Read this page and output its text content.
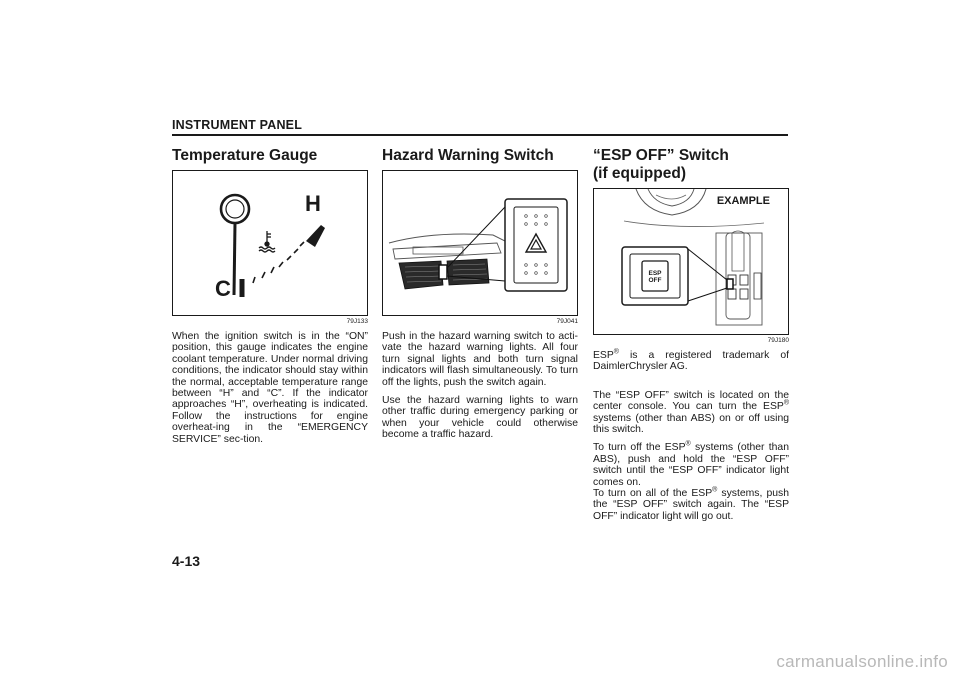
INSTRUMENT PANEL
Temperature Gauge
C
H
79J133

When the ignition switch is in the “ON” position, this gauge indicates the engine coolant temperature. Under normal driving conditions, the indicator should stay within the normal, acceptable temperature range between “H” and “C”. If the indicator approaches “H”, overheating is indicated. Follow the instructions for engine overheat-ing in the “EMERGENCY SERVICE” sec-tion.

Hazard Warning Switch
79J041

Push in the hazard warning switch to acti-vate the hazard warning lights. All four turn signal lights and both turn signal indicators will flash simultaneously. To turn off the lights, push the switch again.

Use the hazard warning lights to warn other traffic during emergency parking or when your vehicle could otherwise become a traffic hazard.

“ESP OFF” Switch
(if equipped)
ESP
OFF
EXAMPLE
79J180

ESP® is a registered trademark of DaimlerChrysler AG.

The “ESP OFF” switch is located on the center console. You can turn the ESP® systems (other than ABS) on or off using this switch.

To turn off the ESP® systems (other than ABS), push and hold the “ESP OFF” switch until the “ESP OFF” indicator light comes on.
To turn on all of the ESP® systems, push the “ESP OFF” switch again. The “ESP OFF” indicator light will go out.

4-13
carmanualsonline.info
